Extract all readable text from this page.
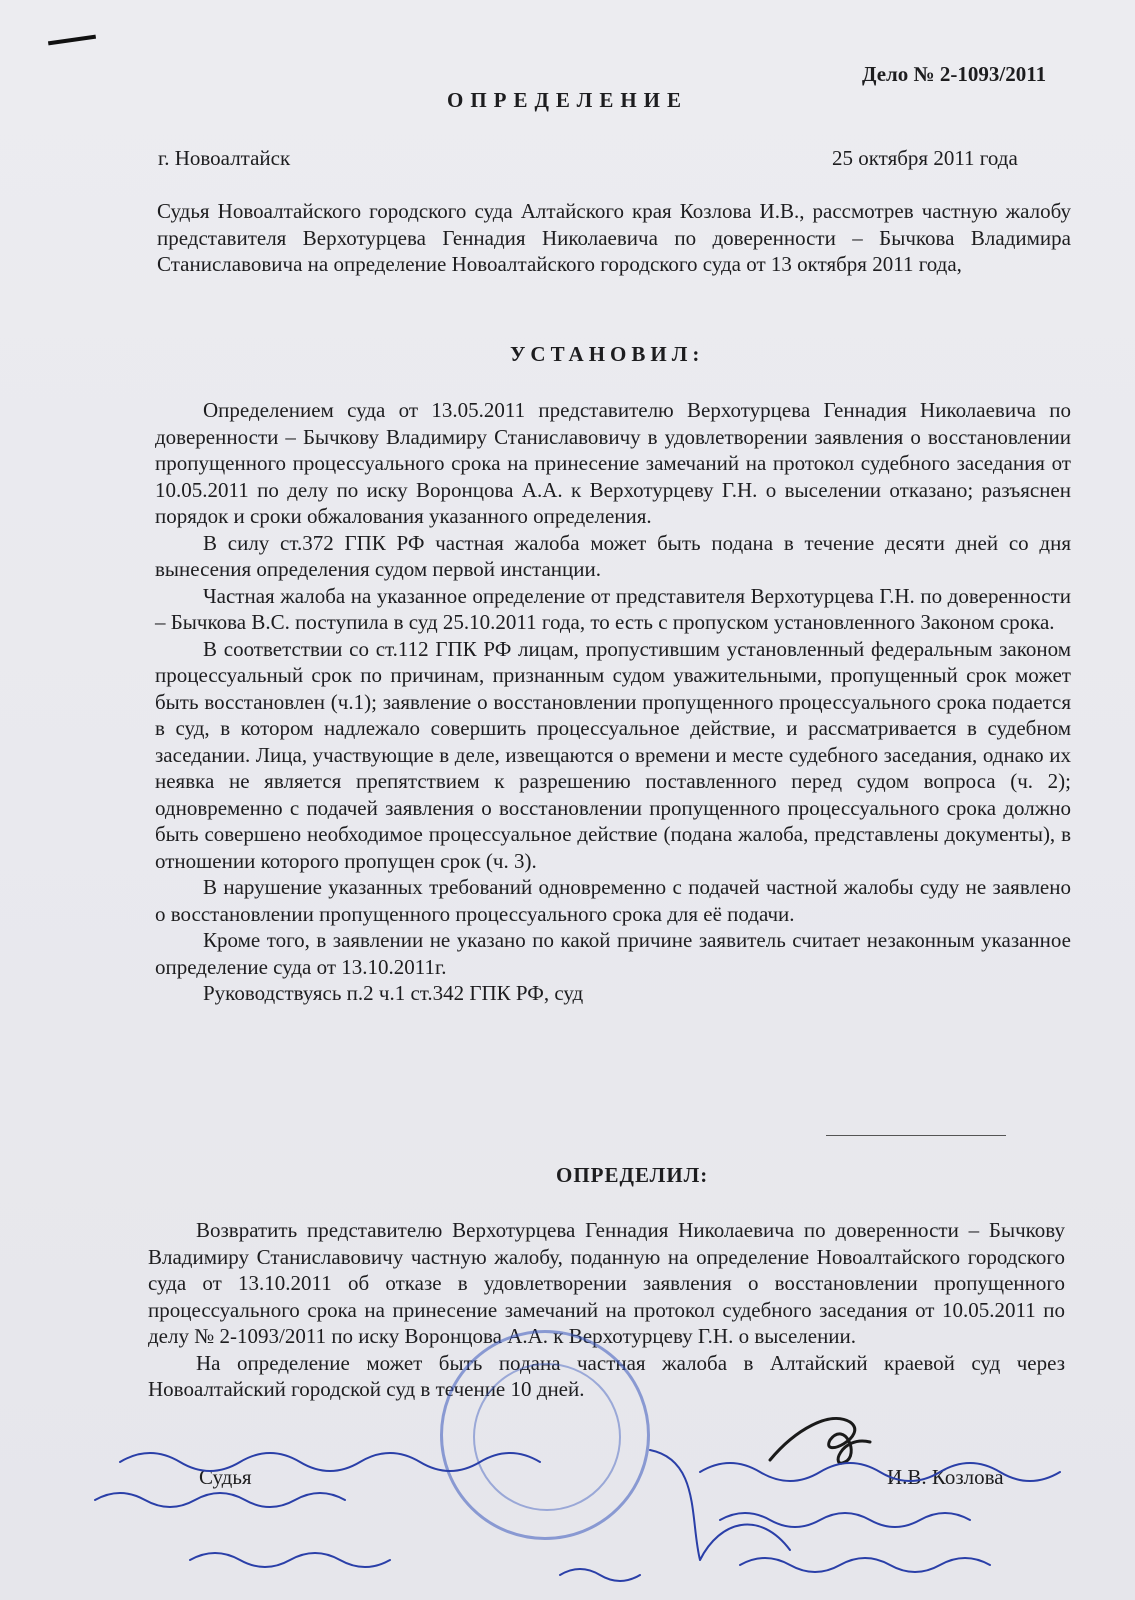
Дело № 2-1093/2011
ОПРЕДЕЛЕНИЕ
г. Новоалтайск	25 октября 2011 года

Судья Новоалтайского городского суда Алтайского края Козлова И.В., рассмотрев частную жалобу представителя Верхотурцева Геннадия Николаевича по доверенности – Бычкова Владимира Станиславовича на определение Новоалтайского городского суда от 13 октября 2011 года,

УСТАНОВИЛ:

Определением суда от 13.05.2011 представителю Верхотурцева Геннадия Николаевича по доверенности – Бычкову Владимиру Станиславовичу в удовлетворении заявления о восстановлении пропущенного процессуального срока на принесение замечаний на протокол судебного заседания от 10.05.2011 по делу по иску Воронцова А.А. к Верхотурцеву Г.Н. о выселении отказано; разъяснен порядок и сроки обжалования указанного определения.

В силу ст.372 ГПК РФ частная жалоба может быть подана в течение десяти дней со дня вынесения определения судом первой инстанции.

Частная жалоба на указанное определение от представителя Верхотурцева Г.Н. по доверенности – Бычкова В.С. поступила в суд 25.10.2011 года, то есть с пропуском установленного Законом срока.

В соответствии со ст.112 ГПК РФ лицам, пропустившим установленный федеральным законом процессуальный срок по причинам, признанным судом уважительными, пропущенный срок может быть восстановлен (ч.1); заявление о восстановлении пропущенного процессуального срока подается в суд, в котором надлежало совершить процессуальное действие, и рассматривается в судебном заседании. Лица, участвующие в деле, извещаются о времени и месте судебного заседания, однако их неявка не является препятствием к разрешению поставленного перед судом вопроса (ч. 2); одновременно с подачей заявления о восстановлении пропущенного процессуального срока должно быть совершено необходимое процессуальное действие (подана жалоба, представлены документы), в отношении которого пропущен срок (ч. 3).

В нарушение указанных требований одновременно с подачей частной жалобы суду не заявлено о восстановлении пропущенного процессуального срока для её подачи.

Кроме того, в заявлении не указано по какой причине заявитель считает незаконным указанное определение суда от 13.10.2011г.

Руководствуясь п.2 ч.1 ст.342 ГПК РФ, суд

ОПРЕДЕЛИЛ:

Возвратить представителю Верхотурцева Геннадия Николаевича по доверенности – Бычкову Владимиру Станиславовичу частную жалобу, поданную на определение Новоалтайского городского суда от 13.10.2011 об отказе в удовлетворении заявления о восстановлении пропущенного процессуального срока на принесение замечаний на протокол судебного заседания от 10.05.2011 по делу № 2-1093/2011 по иску Воронцова А.А. к Верхотурцеву Г.Н. о выселении.

На определение может быть подана частная жалоба в Алтайский краевой суд через Новоалтайский городской суд в течение 10 дней.

Судья	И.В. Козлова
